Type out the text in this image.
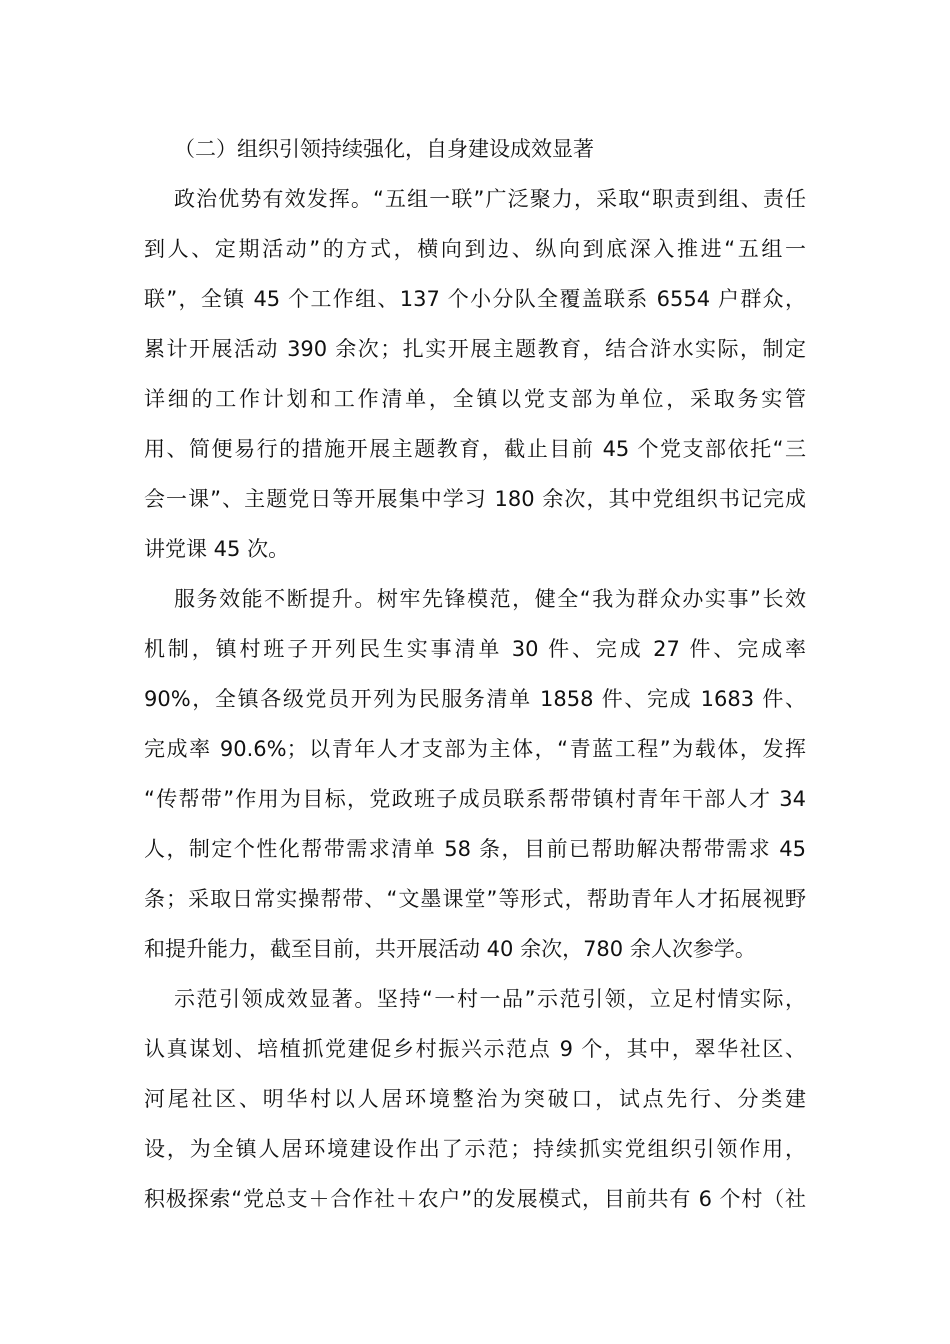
（二）组织引领持续强化，自身建设成效显著
政治优势有效发挥。“五组一联”广泛聚力，采取“职责到组、责任
到人、定期活动”的方式，横向到边、纵向到底深入推进“五组一
联”，全镇 45 个工作组、137 个小分队全覆盖联系 6554 户群众，
累计开展活动 390 余次；扎实开展主题教育，结合浒水实际，制定
详细的工作计划和工作清单，全镇以党支部为单位，采取务实管
用、简便易行的措施开展主题教育，截止目前 45 个党支部依托“三
会一课”、主题党日等开展集中学习 180 余次，其中党组织书记完成
讲党课 45 次。
服务效能不断提升。树牢先锋模范，健全“我为群众办实事”长效
机制，镇村班子开列民生实事清单 30 件、完成 27 件、完成率
90%，全镇各级党员开列为民服务清单 1858 件、完成 1683 件、
完成率 90.6%；以青年人才支部为主体，“青蓝工程”为载体，发挥
“传帮带”作用为目标，党政班子成员联系帮带镇村青年干部人才 34
人，制定个性化帮带需求清单 58 条，目前已帮助解决帮带需求 45
条；采取日常实操帮带、“文墨课堂”等形式，帮助青年人才拓展视野
和提升能力，截至目前，共开展活动 40 余次，780 余人次参学。
示范引领成效显著。坚持“一村一品”示范引领，立足村情实际，
认真谋划、培植抓党建促乡村振兴示范点 9 个，其中，翠华社区、
河尾社区、明华村以人居环境整治为突破口，试点先行、分类建
设，为全镇人居环境建设作出了示范；持续抓实党组织引领作用，
积极探索“党总支＋合作社＋农户”的发展模式，目前共有 6 个村（社
